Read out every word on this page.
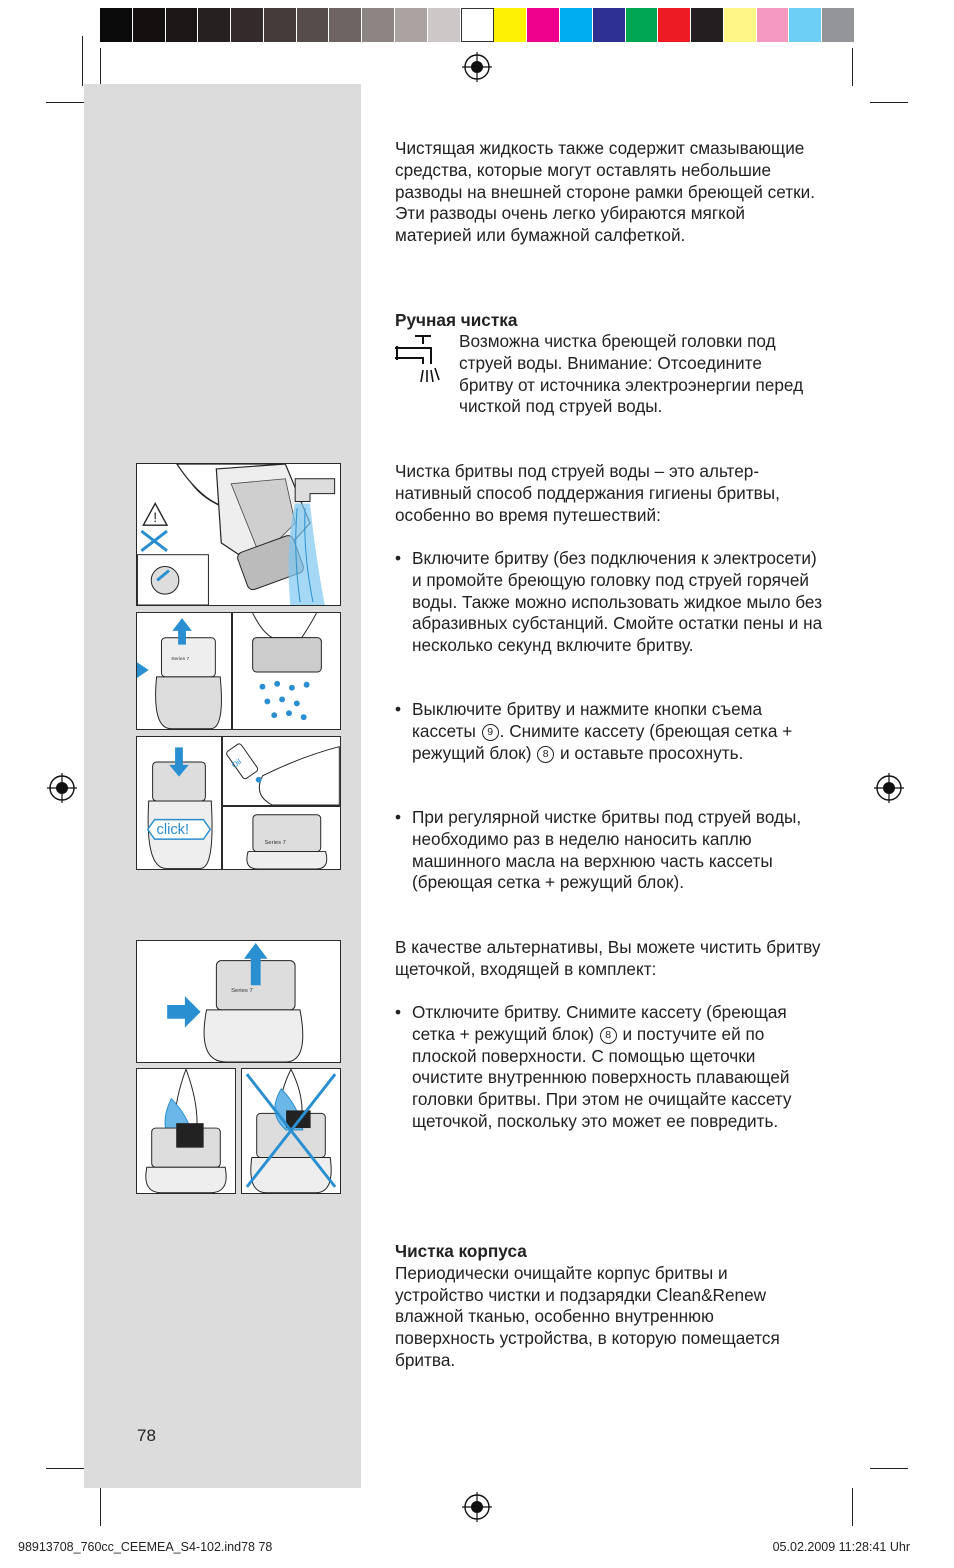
!
Series 7
click!
Oil
Series 7
Series 7

Чистящая жидкость также содержит смазывающие средства, которые могут оставлять небольшие разводы на внешней стороне рамки бреющей сетки. Эти разводы очень легко убираются мягкой материей или бумажной салфеткой.

Ручная чистка

Возможна чистка бреющей головки под струей воды. Внимание: Отсоедините бритву от источника электроэнергии перед чисткой под струей воды.

Чистка бритвы под струей воды – это альтер-нативный способ поддержания гигиены бритвы, особенно во время путешествий:

• Включите бритву (без подключения к электросети) и промойте бреющую головку под струей горячей воды. Также можно использовать жидкое мыло без абразивных субстанций. Смойте остатки пены и на несколько секунд включите бритву.

• Выключите бритву и нажмите кнопки съема кассеты 9 . Снимите кассету (бреющая сетка + режущий блок) 8 и оставьте просохнуть.

• При регулярной чистке бритвы под струей воды, необходимо раз в неделю наносить каплю машинного масла на верхнюю часть кассеты (бреющая сетка + режущий блок).

В качестве альтернативы, Вы можете чистить бритву щеточкой, входящей в комплект:

• Отключите бритву. Снимите кассету (бреющая сетка + режущий блок) 8 и постучите ей по плоской поверхности. С помощью щеточки очистите внутреннюю поверхность плавающей головки бритвы. При этом не очищайте кассету щеточкой, поскольку это может ее повредить.

Чистка корпуса

Периодически очищайте корпус бритвы и устройство чистки и подзарядки Clean&Renew влажной тканью, особенно внутреннюю поверхность устройства, в которую помещается бритва.

78
98913708_760cc_CEEMEA_S4-102.ind78 78	05.02.2009 11:28:41 Uhr
